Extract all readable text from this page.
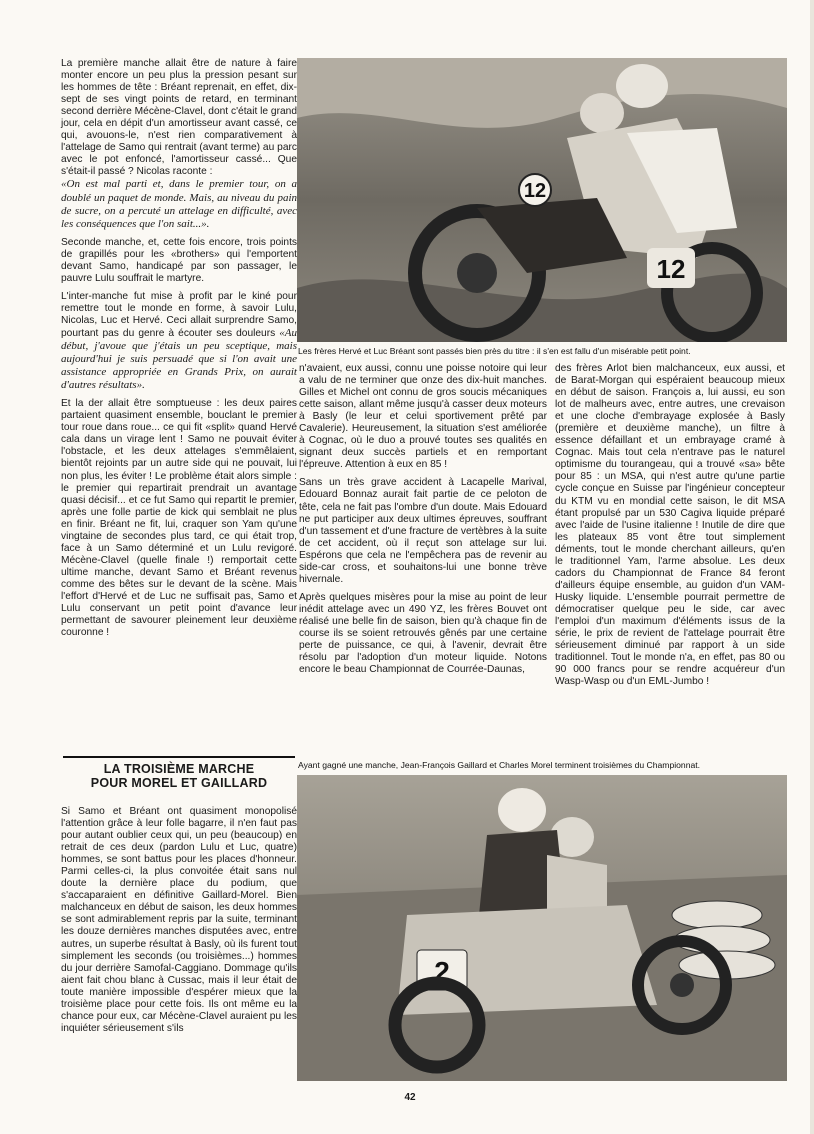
La première manche allait être de nature à faire monter encore un peu plus la pression pesant sur les hommes de tête : Bréant reprenait, en effet, dix-sept de ses vingt points de retard, en terminant second derrière Mécène-Clavel, dont c'était le grand jour, cela en dépit d'un amortisseur avant cassé, ce qui, avouons-le, n'est rien comparativement à l'attelage de Samo qui rentrait (avant terme) au parc avec le pot enfoncé, l'amortisseur cassé... Que s'était-il passé ? Nicolas raconte :

«On est mal parti et, dans le premier tour, on a doublé un paquet de monde. Mais, au niveau du pain de sucre, on a percuté un attelage en difficulté, avec les conséquences que l'on sait...».

Seconde manche, et, cette fois encore, trois points de grapillés pour les «brothers» qui l'emportent devant Samo, handicapé par son passager, le pauvre Lulu souffrait le martyre.

L'inter-manche fut mise à profit par le kiné pour remettre tout le monde en forme, à savoir Lulu, Nicolas, Luc et Hervé. Ceci allait surprendre Samo, pourtant pas du genre à écouter ses douleurs «Au début, j'avoue que j'étais un peu sceptique, mais aujourd'hui je suis persuadé que si l'on avait une assistance appropriée en Grands Prix, on aurait d'autres résultats».

Et la der allait être somptueuse : les deux paires partaient quasiment ensemble, bouclant le premier tour roue dans roue... ce qui fit «split» quand Hervé cala dans un virage lent ! Samo ne pouvait éviter l'obstacle, et les deux attelages s'emmêlaient, bientôt rejoints par un autre side qui ne pouvait, lui non plus, les éviter ! Le problème était alors simple : le premier qui repartirait prendrait un avantage quasi décisif... et ce fut Samo qui repartit le premier, après une folle partie de kick qui semblait ne plus en finir. Bréant ne fit, lui, craquer son Yam qu'une vingtaine de secondes plus tard, ce qui était trop, face à un Samo déterminé et un Lulu revigoré. Mécène-Clavel (quelle finale !) remportait cette ultime manche, devant Samo et Bréant revenus comme des bêtes sur le devant de la scène. Mais l'effort d'Hervé et de Luc ne suffisait pas, Samo et Lulu conservant un petit point d'avance leur permettant de savourer pleinement leur deuxième couronne !

LA TROISIÈME MARCHE
POUR MOREL ET GAILLARD

Si Samo et Bréant ont quasiment monopolisé l'attention grâce à leur folle bagarre, il n'en faut pas pour autant oublier ceux qui, un peu (beaucoup) en retrait de ces deux (pardon Lulu et Luc, quatre) hommes, se sont battus pour les places d'honneur. Parmi celles-ci, la plus convoitée était sans nul doute la dernière place du podium, que s'accaparaient en définitive Gaillard-Morel. Bien malchanceux en début de saison, les deux hommes se sont admirablement repris par la suite, terminant les douze dernières manches disputées avec, entre autres, un superbe résultat à Basly, où ils furent tout simplement les seconds (ou troisièmes...) hommes du jour derrière Samofal-Caggiano. Dommage qu'ils aient fait chou blanc à Cussac, mais il leur était de toute manière impossible d'espérer mieux que la troisième place pour cette fois. Ils ont même eu la chance pour eux, car Mécène-Clavel auraient pu les inquiéter sérieusement s'ils

12
12
Les frères Hervé et Luc Bréant sont passés bien près du titre : il s'en est fallu d'un misérable petit point.

n'avaient, eux aussi, connu une poisse notoire qui leur a valu de ne terminer que onze des dix-huit manches. Gilles et Michel ont connu de gros soucis mécaniques cette saison, allant même jusqu'à casser deux moteurs à Basly (le leur et celui sportivement prêté par Cavalerie). Heureusement, la situation s'est améliorée à Cognac, où le duo a prouvé toutes ses qualités en signant deux succès partiels et en remportant l'épreuve. Attention à eux en 85 !

Sans un très grave accident à Lacapelle Marival, Edouard Bonnaz aurait fait partie de ce peloton de tête, cela ne fait pas l'ombre d'un doute. Mais Edouard ne put participer aux deux ultimes épreuves, souffrant d'un tassement et d'une fracture de vertèbres à la suite de cet accident, où il reçut son attelage sur lui. Espérons que cela ne l'empêchera pas de revenir au side-car cross, et souhaitons-lui une bonne trève hivernale.

Après quelques misères pour la mise au point de leur inédit attelage avec un 490 YZ, les frères Bouvet ont réalisé une belle fin de saison, bien qu'à chaque fin de course ils se soient retrouvés gênés par une certaine perte de puissance, ce qui, à l'avenir, devrait être résolu par l'adoption d'un moteur liquide. Notons encore le beau Championnat de Courrée-Daunas,

des frères Arlot bien malchanceux, eux aussi, et de Barat-Morgan qui espéraient beaucoup mieux en début de saison. François a, lui aussi, eu son lot de malheurs avec, entre autres, une crevaison et une cloche d'embrayage explosée à Basly (première et deuxième manche), un filtre à essence défaillant et un embrayage cramé à Cognac. Mais tout cela n'entrave pas le naturel optimisme du tourangeau, qui a trouvé «sa» bête pour 85 : un MSA, qui n'est autre qu'une partie cycle conçue en Suisse par l'ingénieur concepteur du KTM vu en mondial cette saison, le dit MSA étant propulsé par un 530 Cagiva liquide préparé avec l'aide de l'usine italienne ! Inutile de dire que les plateaux 85 vont être tout simplement déments, tout le monde cherchant ailleurs, qu'en le traditionnel Yam, l'arme absolue. Les deux cadors du Championnat de France 84 feront d'ailleurs équipe ensemble, au guidon d'un VAM-Husky liquide. L'ensemble pourrait permettre de démocratiser quelque peu le side, car avec l'emploi d'un maximum d'éléments issus de la série, le prix de revient de l'attelage pourrait être sérieusement diminué par rapport à un side traditionnel. Tout le monde n'a, en effet, pas 80 ou 90 000 francs pour se rendre acquéreur d'un Wasp-Wasp ou d'un EML-Jumbo !

Ayant gagné une manche, Jean-François Gaillard et Charles Morel terminent troisièmes du Championnat.
2
42
